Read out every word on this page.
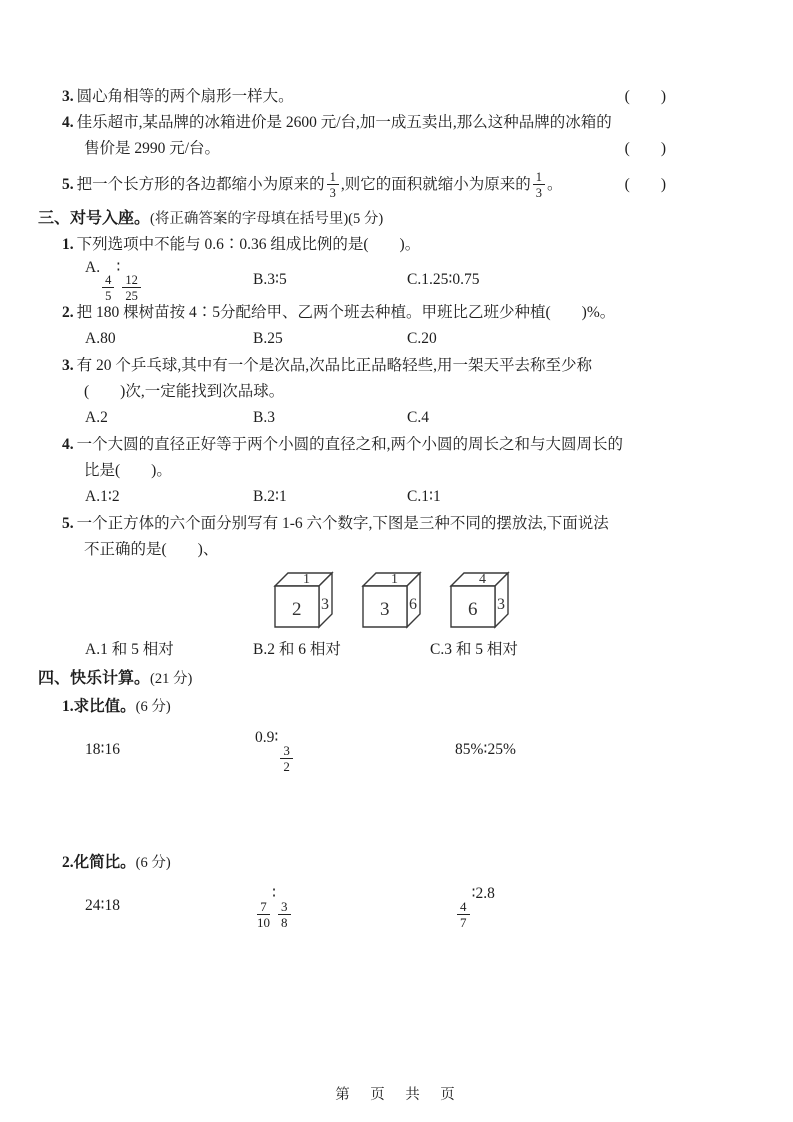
3. 圆心角相等的两个扇形一样大。	(　　)
4. 佳乐超市,某品牌的冰箱进价是 2600 元/台,加一成五卖出,那么这种品牌的冰箱的
售价是 2990 元/台。	(　　)
5. 把一个长方形的各边都缩小为原来的 $\frac{1}{3}$ ,则它的面积就缩小为原来的 $\frac{1}{3}$ 。	(　　)
三、对号入座。(将正确答案的字母填在括号里)(5 分)
1. 下列选项中不能与 0.6∶0.36 组成比例的是(　　)。
A.
$\frac{4}{5}$
∶
$\frac{12}{25}$	B.3∶5	C.1.25∶0.75
2. 把 180 棵树苗按 4∶5分配给甲、乙两个班去种植。甲班比乙班少种植(　　)%。
A.80	B.25	C.20
3. 有 20 个乒乓球,其中有一个是次品,次品比正品略轻些,用一架天平去称至少称
(　　)次,一定能找到次品球。
A.2	B.3	C.4
4. 一个大圆的直径正好等于两个小圆的直径之和,两个小圆的周长之和与大圆周长的
比是(　　)。
A.1∶2	B.2∶1	C.1∶1
5. 一个正方体的六个面分别写有 1-6 六个数字,下图是三种不同的摆放法,下面说法
不正确的是(　　)、
1
2 3
1
3 6
4
6 3
A.1 和 5 相对	B.2 和 6 相对	C.3 和 5 相对
四、快乐计算。(21 分)
1.求比值。(6 分)
18∶16
0.9∶
$\frac{3}{2}$	85%∶25%
2.化简比。(6 分)
24∶18	$\frac{7}{10}$
∶
$\frac{3}{8}$	$\frac{4}{7}$
∶2.8
第　页　共　页
